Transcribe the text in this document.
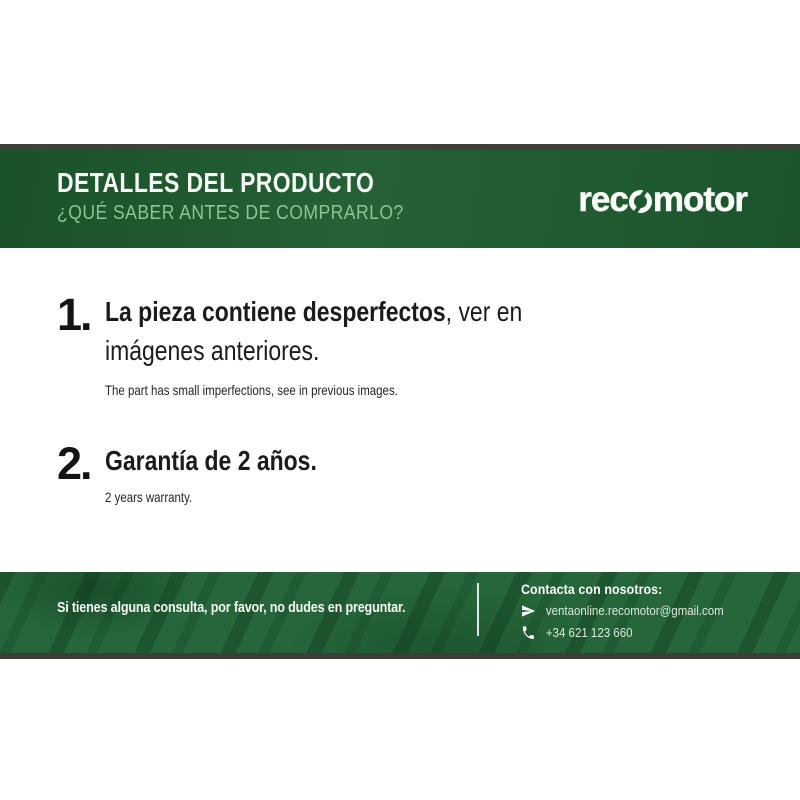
DETALLES DEL PRODUCTO
¿QUÉ SABER ANTES DE COMPRARLO?	rec motor
1. La pieza contiene desperfectos, ver en
imágenes anteriores.
The part has small imperfections, see in previous images.
2. Garantía de 2 años.
2 years warranty.
Si tienes alguna consulta, por favor, no dudes en preguntar.
Contacta con nosotros:
ventaonline.recomotor@gmail.com
+34 621 123 660
